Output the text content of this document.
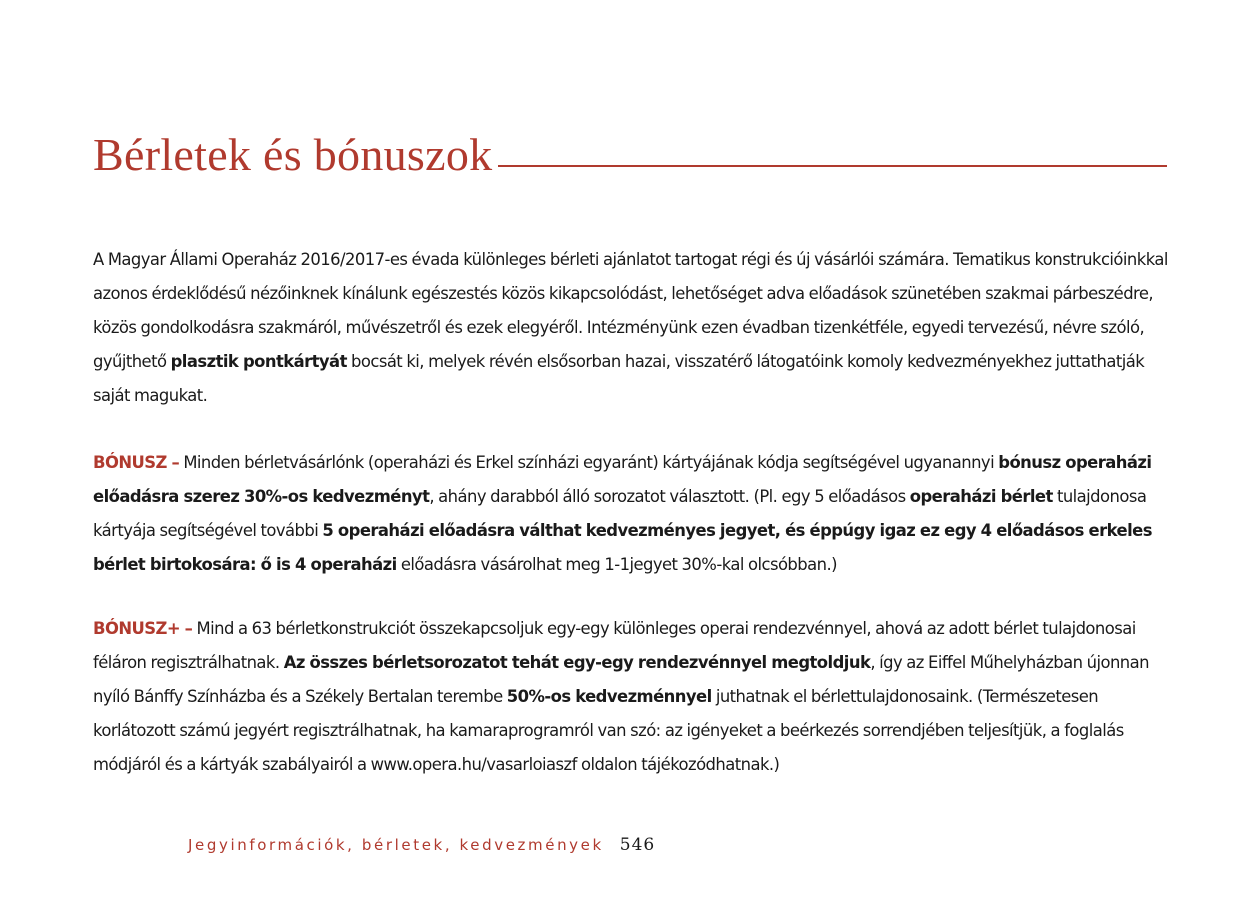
Bérletek és bónuszok

A Magyar Állami Operaház 2016/2017-es évada különleges bérleti ajánlatot tartogat régi és új vásárlói számára. Tematikus konstrukcióinkkal azonos érdeklődésű nézőinknek kínálunk egészestés közös kikapcsolódást, lehetőséget adva előadások szünetében szakmai párbeszédre, közös gondolkodásra szakmáról, művészetről és ezek elegyéről. Intézményünk ezen évadban tizenkétféle, egyedi tervezésű, névre szóló, gyűjthető plasztik pontkártyát bocsát ki, melyek révén elsősorban hazai, visszatérő látogatóink komoly kedvezményekhez juttathatják saját magukat.

BÓNUSZ – Minden bérletvásárlónk (operaházi és Erkel színházi egyaránt) kártyájának kódja segítségével ugyanannyi bónusz operaházi előadásra szerez 30%-os kedvezményt, ahány darabból álló sorozatot választott. (Pl. egy 5 előadásos operaházi bérlet tulajdonosa kártyája segítségével további 5 operaházi előadásra válthat kedvezményes jegyet, és éppúgy igaz ez egy 4 előadásos erkeles bérlet birtokosára: ő is 4 operaházi előadásra vásárolhat meg 1-1jegyet 30%-kal olcsóbban.)

BÓNUSZ+ – Mind a 63 bérletkonstrukciót összekapcsoljuk egy-egy különleges operai rendezvénnyel, ahová az adott bérlet tulajdonosai féláron regisztrálhatnak. Az összes bérletsorozatot tehát egy-egy rendezvénnyel megtoldjuk, így az Eiffel Műhelyházban újonnan nyíló Bánffy Színházba és a Székely Bertalan terembe 50%-os kedvezménnyel juthatnak el bérlettulajdonosaink. (Természetesen korlátozott számú jegyért regisztrálhatnak, ha kamaraprogramról van szó: az igényeket a beérkezés sorrendjében teljesítjük, a foglalás módjáról és a kártyák szabályairól a www.opera.hu/vasarloiaszf oldalon tájékozódhatnak.)

Jegyinformációk, bérletek, kedvezmények 546
